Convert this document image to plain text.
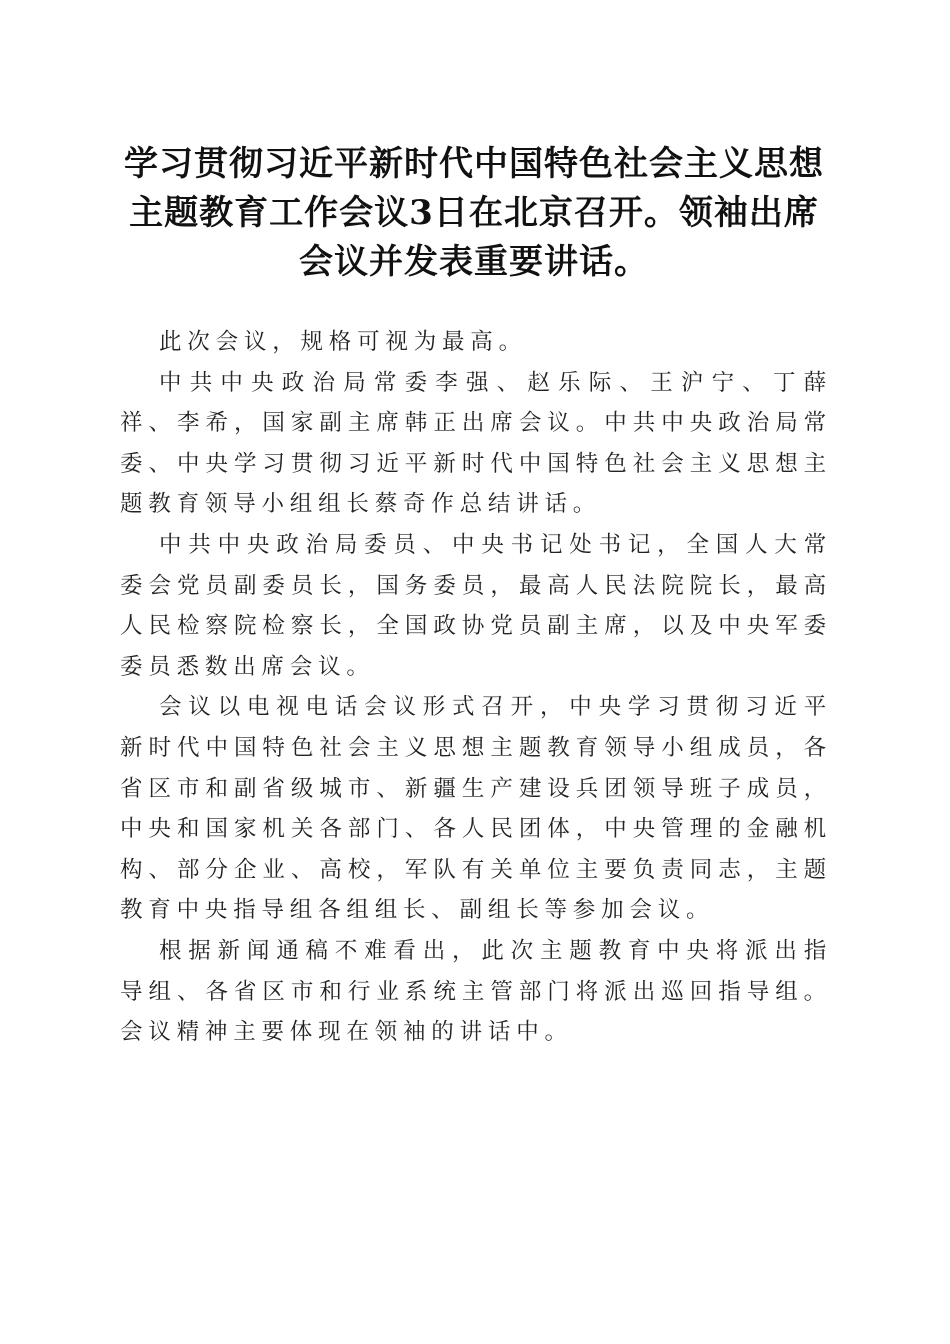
学习贯彻习近平新时代中国特色社会主义思想主题教育工作会议3日在北京召开。领袖出席会议并发表重要讲话。

此次会议，规格可视为最高。

中共中央政治局常委李强、赵乐际、王沪宁、丁薛祥、李希，国家副主席韩正出席会议。中共中央政治局常委、中央学习贯彻习近平新时代中国特色社会主义思想主题教育领导小组组长蔡奇作总结讲话。

中共中央政治局委员、中央书记处书记，全国人大常委会党员副委员长，国务委员，最高人民法院院长，最高人民检察院检察长，全国政协党员副主席，以及中央军委委员悉数出席会议。

会议以电视电话会议形式召开，中央学习贯彻习近平新时代中国特色社会主义思想主题教育领导小组成员，各省区市和副省级城市、新疆生产建设兵团领导班子成员，中央和国家机关各部门、各人民团体，中央管理的金融机构、部分企业、高校，军队有关单位主要负责同志，主题教育中央指导组各组组长、副组长等参加会议。

根据新闻通稿不难看出，此次主题教育中央将派出指导组、各省区市和行业系统主管部门将派出巡回指导组。会议精神主要体现在领袖的讲话中。
